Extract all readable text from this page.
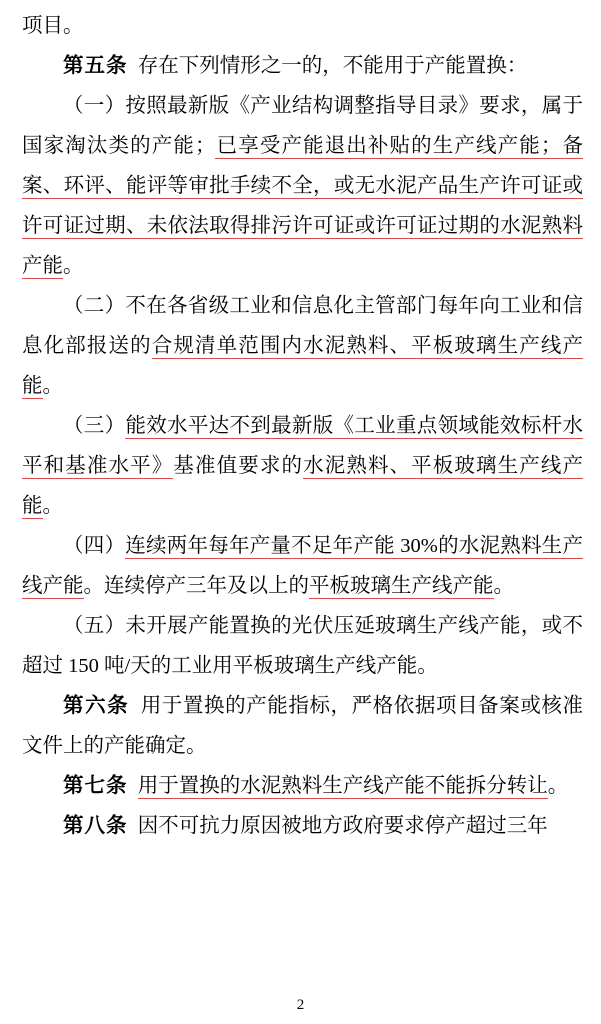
项目。

第五条 存在下列情形之一的，不能用于产能置换：

（一）按照最新版《产业结构调整指导目录》要求，属于国家淘汰类的产能；已享受产能退出补贴的生产线产能；备案、环评、能评等审批手续不全，或无水泥产品生产许可证或许可证过期、未依法取得排污许可证或许可证过期的水泥熟料产能。

（二）不在各省级工业和信息化主管部门每年向工业和信息化部报送的合规清单范围内水泥熟料、平板玻璃生产线产能。

（三）能效水平达不到最新版《工业重点领域能效标杆水平和基准水平》基准值要求的水泥熟料、平板玻璃生产线产能。

（四）连续两年每年产量不足年产能 30%的水泥熟料生产线产能。连续停产三年及以上的平板玻璃生产线产能。

（五）未开展产能置换的光伏压延玻璃生产线产能，或不超过 150 吨/天的工业用平板玻璃生产线产能。

第六条 用于置换的产能指标，严格依据项目备案或核准文件上的产能确定。

第七条 用于置换的水泥熟料生产线产能不能拆分转让。

第八条 因不可抗力原因被地方政府要求停产超过三年

2
